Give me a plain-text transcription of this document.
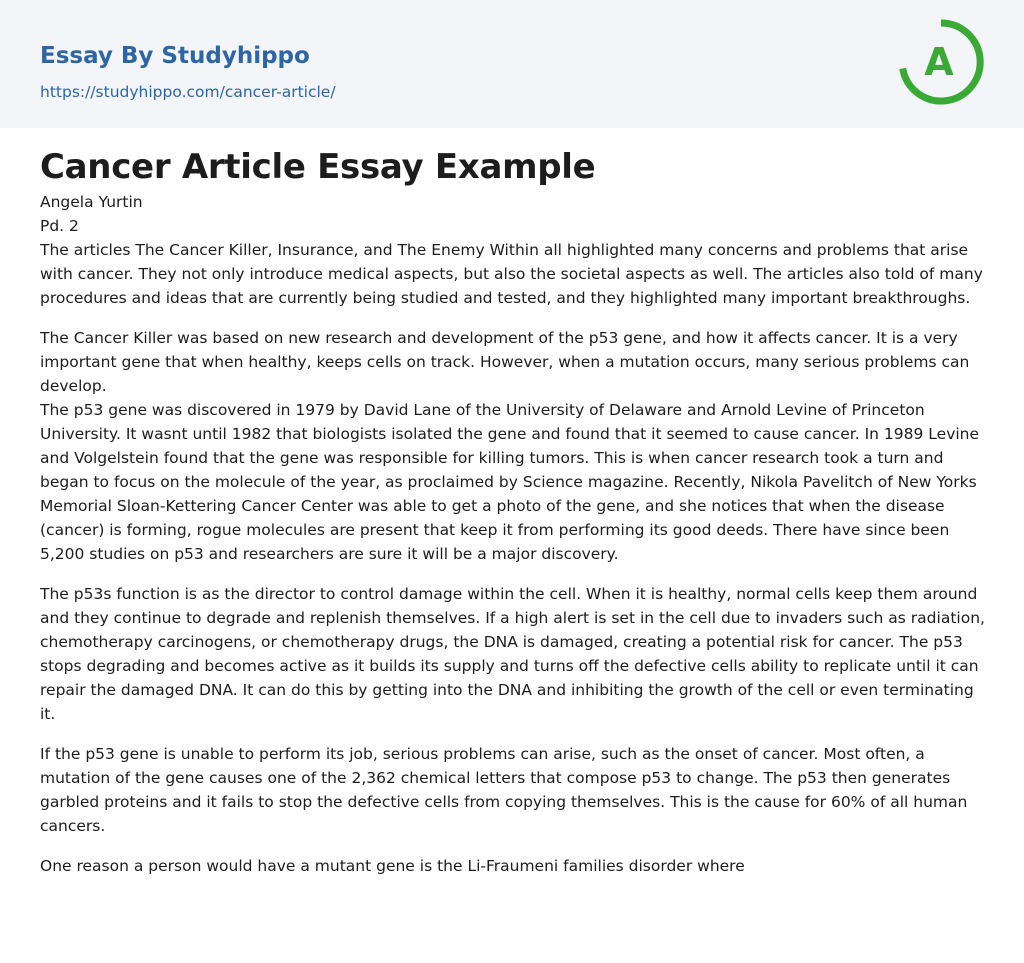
Essay By Studyhippo
https://studyhippo.com/cancer-article/
A
Cancer Article Essay Example
Angela Yurtin
Pd. 2

The articles The Cancer Killer, Insurance, and The Enemy Within all highlighted many concerns and problems that arise with cancer. They not only introduce medical aspects, but also the societal aspects as well. The articles also told of many procedures and ideas that are currently being studied and tested, and they highlighted many important breakthroughs.

The Cancer Killer was based on new research and development of the p53 gene, and how it affects cancer. It is a very important gene that when healthy, keeps cells on track. However, when a mutation occurs, many serious problems can develop.

The p53 gene was discovered in 1979 by David Lane of the University of Delaware and Arnold Levine of Princeton University. It wasnt until 1982 that biologists isolated the gene and found that it seemed to cause cancer. In 1989 Levine and Volgelstein found that the gene was responsible for killing tumors. This is when cancer research took a turn and began to focus on the molecule of the year, as proclaimed by Science magazine. Recently, Nikola Pavelitch of New Yorks Memorial Sloan-Kettering Cancer Center was able to get a photo of the gene, and she notices that when the disease (cancer) is forming, rogue molecules are present that keep it from performing its good deeds. There have since been 5,200 studies on p53 and researchers are sure it will be a major discovery.

The p53s function is as the director to control damage within the cell. When it is healthy, normal cells keep them around and they continue to degrade and replenish themselves. If a high alert is set in the cell due to invaders such as radiation, chemotherapy carcinogens, or chemotherapy drugs, the DNA is damaged, creating a potential risk for cancer. The p53 stops degrading and becomes active as it builds its supply and turns off the defective cells ability to replicate until it can repair the damaged DNA. It can do this by getting into the DNA and inhibiting the growth of the cell or even terminating it.

If the p53 gene is unable to perform its job, serious problems can arise, such as the onset of cancer. Most often, a mutation of the gene causes one of the 2,362 chemical letters that compose p53 to change. The p53 then generates garbled proteins and it fails to stop the defective cells from copying themselves. This is the cause for 60% of all human cancers.

One reason a person would have a mutant gene is the Li-Fraumeni families disorder where
